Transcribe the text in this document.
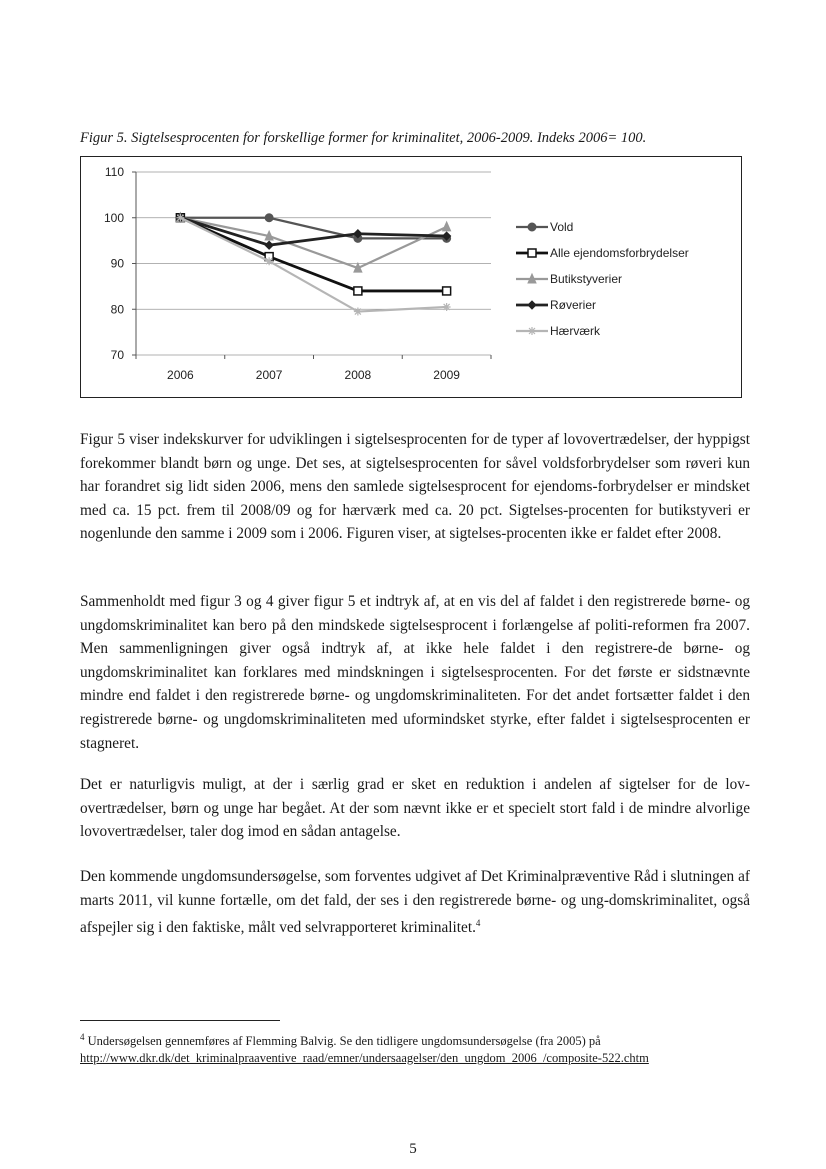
Figur 5. Sigtelsesprocenten for forskellige former for kriminalitet, 2006-2009. Indeks 2006= 100.
70
80
90
100
110
2006	2007	2008	2009
Vold
Alle ejendomsforbrydelser
Butikstyverier
Røverier
Hærværk

Figur 5 viser indekskurver for udviklingen i sigtelsesprocenten for de typer af lovovertrædelser, der hyppigst forekommer blandt børn og unge. Det ses, at sigtelsesprocenten for såvel voldsforbrydelser som røveri kun har forandret sig lidt siden 2006, mens den samlede sigtelsesprocent for ejendoms-forbrydelser er mindsket med ca. 15 pct. frem til 2008/09 og for hærværk med ca. 20 pct. Sigtelses-procenten for butikstyveri er nogenlunde den samme i 2009 som i 2006. Figuren viser, at sigtelses-procenten ikke er faldet efter 2008.

Sammenholdt med figur 3 og 4 giver figur 5 et indtryk af, at en vis del af faldet i den registrerede børne- og ungdomskriminalitet kan bero på den mindskede sigtelsesprocent i forlængelse af politi-reformen fra 2007. Men sammenligningen giver også indtryk af, at ikke hele faldet i den registrere-de børne- og ungdomskriminalitet kan forklares med mindskningen i sigtelsesprocenten. For det første er sidstnævnte mindre end faldet i den registrerede børne- og ungdomskriminaliteten. For det andet fortsætter faldet i den registrerede børne- og ungdomskriminaliteten med uformindsket styrke, efter faldet i sigtelsesprocenten er stagneret.

Det er naturligvis muligt, at der i særlig grad er sket en reduktion i andelen af sigtelser for de lov-overtrædelser, børn og unge har begået. At der som nævnt ikke er et specielt stort fald i de mindre alvorlige lovovertrædelser, taler dog imod en sådan antagelse.

Den kommende ungdomsundersøgelse, som forventes udgivet af Det Kriminalpræventive Råd i slutningen af marts 2011, vil kunne fortælle, om det fald, der ses i den registrerede børne- og ung-domskriminalitet, også afspejler sig i den faktiske, målt ved selvrapporteret kriminalitet.$^4$

$^4$ Undersøgelsen gennemføres af Flemming Balvig. Se den tidligere ungdomsundersøgelse (fra 2005) på
http://www.dkr.dk/det_kriminalpraaventive_raad/emner/undersaagelser/den_ungdom_2006_/composite-522.chtm
5
